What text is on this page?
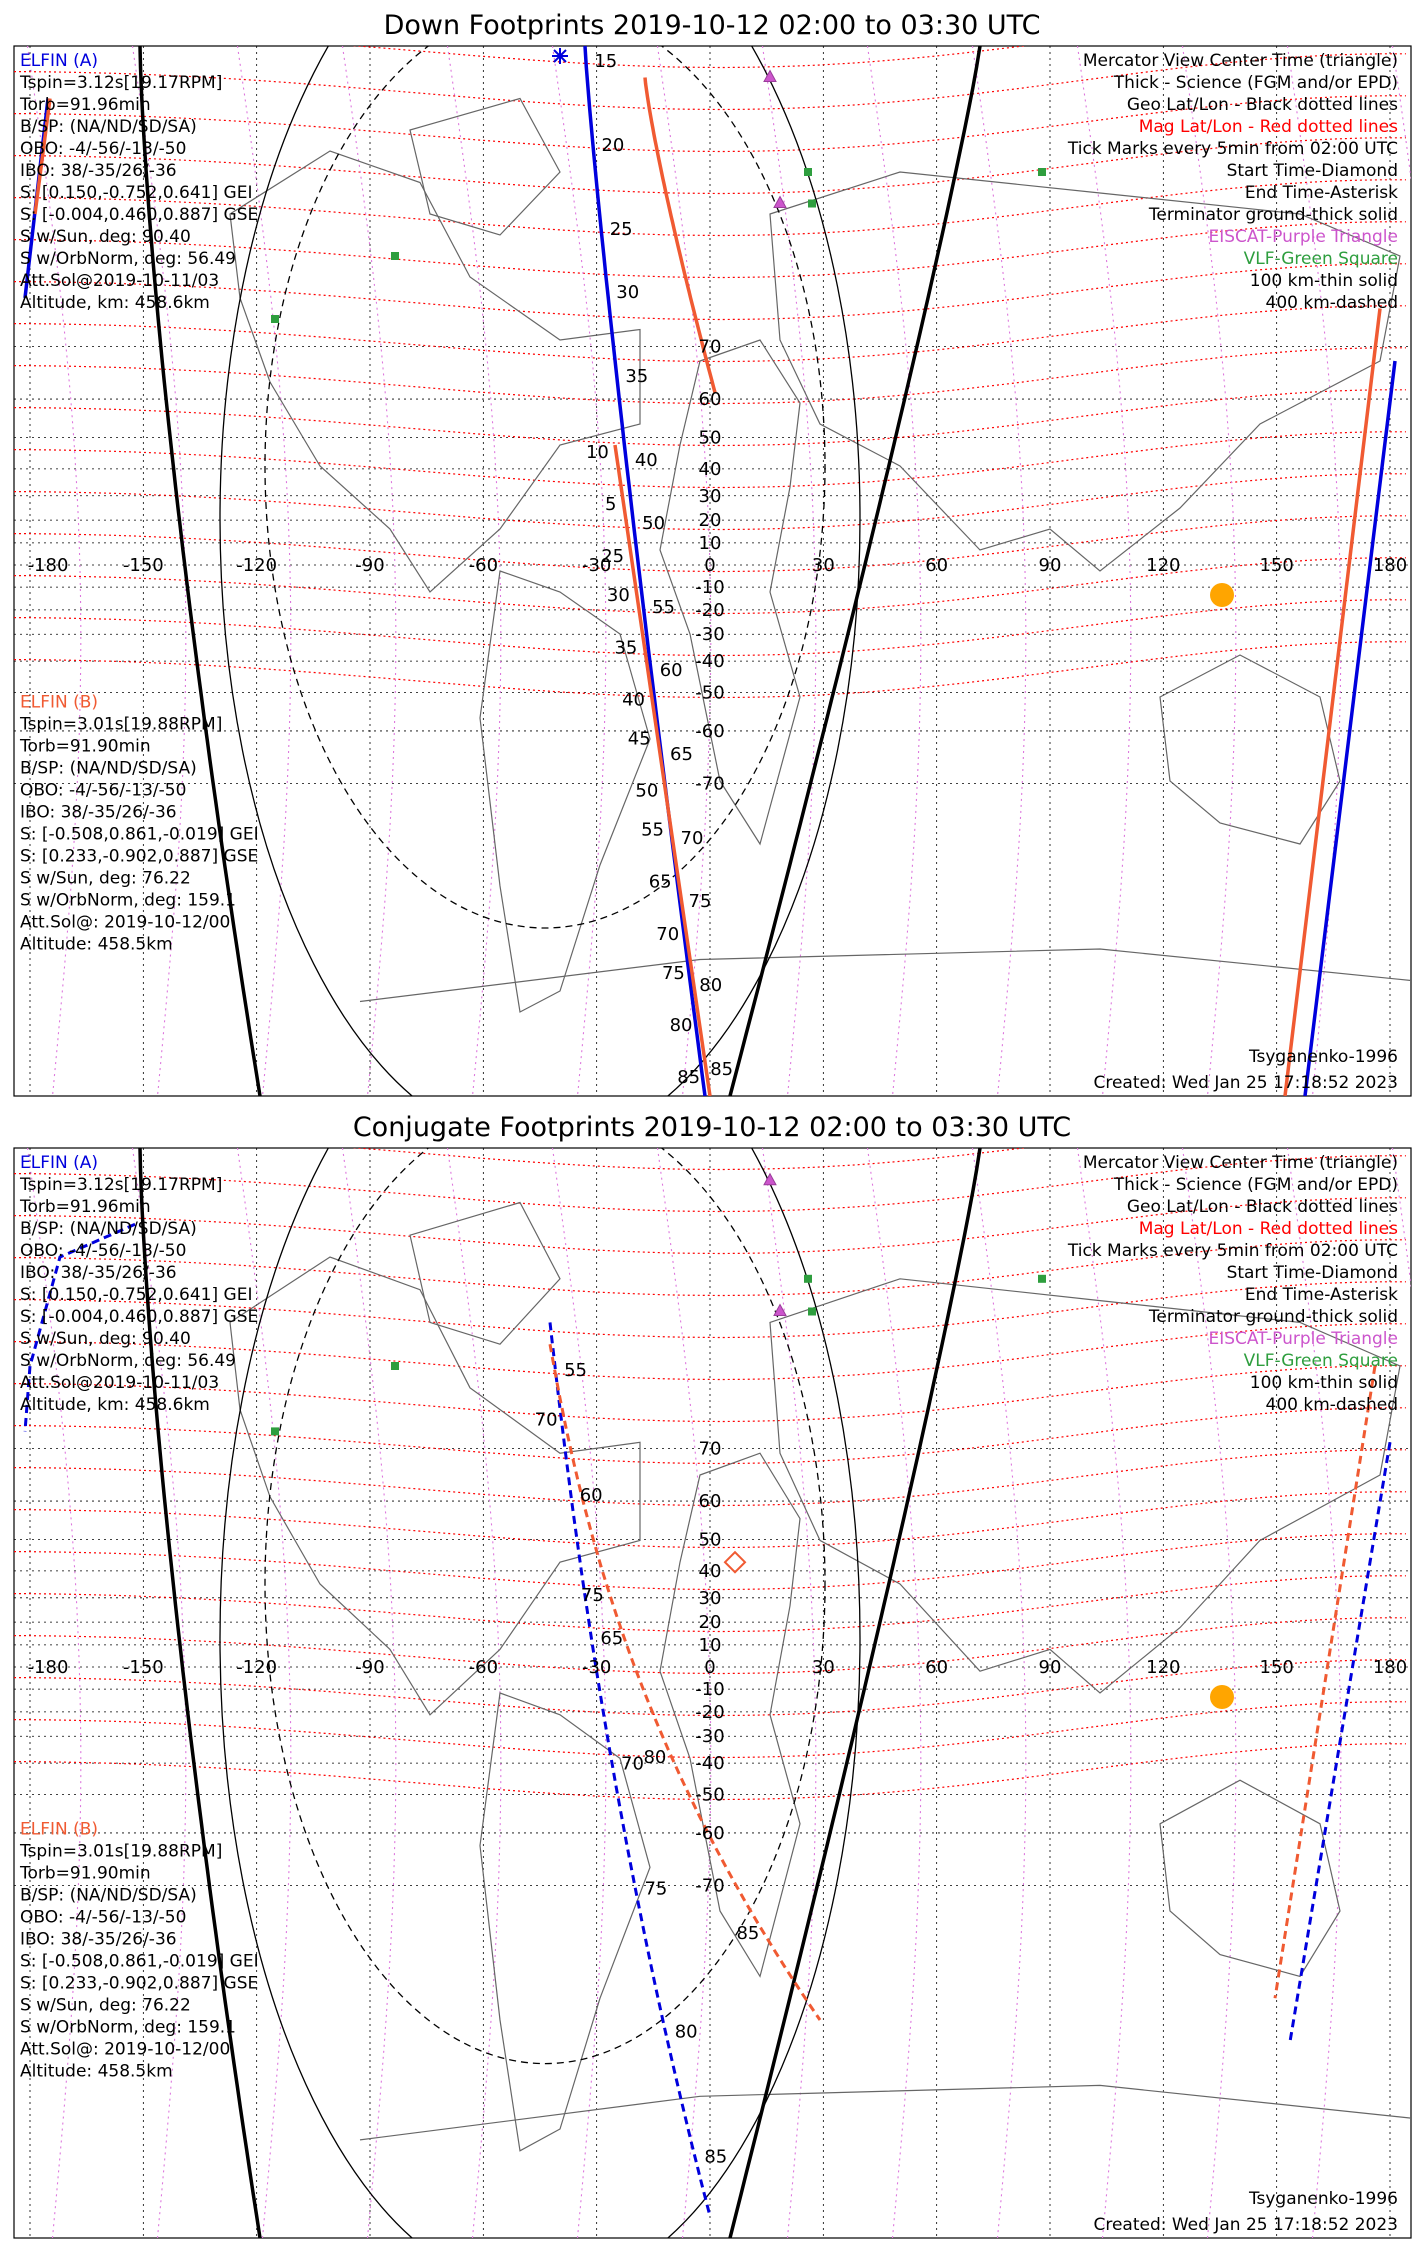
Down Footprints 2019-10-12 02:00 to 03:30 UTC
-180	-150	-120	-90	-60	-30	0	30	60	90	120	150	180
70
60
50
40
30
20
10
-10
-20
-30
-40
-50
-60
-70
15
20
25
30
35
40
50
55
60
65
70
75
80
85
10
5
25
30
35
40
45
50
55
65
70
75
80
85
ELFIN (A)
Tspin=3.12s[19.17RPM]
Torb=91.96min
B/SP: (NA/ND/SD/SA)
OBO: -4/-56/-13/-50
IBO: 38/-35/26/-36
S: [0.150,-0.752,0.641] GEI
S: [-0.004,0.460,0.887] GSE
S w/Sun, deg: 90.40
S w/OrbNorm, deg: 56.49
Att.Sol@2019-10-11/03
Altitude, km: 458.6km
ELFIN (B)
Tspin=3.01s[19.88RPM]
Torb=91.90min
B/SP: (NA/ND/SD/SA)
OBO: -4/-56/-13/-50
IBO: 38/-35/26/-36
S: [-0.508,0.861,-0.019] GEI
S: [0.233,-0.902,0.887] GSE
S w/Sun, deg: 76.22
S w/OrbNorm, deg: 159.1
Att.Sol@: 2019-10-12/00
Altitude: 458.5km
Mercator View Center Time (triangle)
Thick - Science (FGM and/or EPD)
Geo Lat/Lon - Black dotted lines
Mag Lat/Lon - Red dotted lines
Tick Marks every 5min from 02:00 UTC
Start Time-Diamond
End Time-Asterisk
Terminator ground-thick solid
EISCAT-Purple Triangle
VLF-Green Square
100 km-thin solid
400 km-dashed
Tsyganenko-1996
Created: Wed Jan 25 17:18:52 2023
Conjugate Footprints 2019-10-12 02:00 to 03:30 UTC
-180	-150	-120	-90	-60	-30	0	30	60	90	120	150	180
70
60
50
40
30
20
10
-10
-20
-30
-40
-50
-60
-70
55
60
65
70
75
80
85
70
75
80
85
ELFIN (A)
Tspin=3.12s[19.17RPM]
Torb=91.96min
B/SP: (NA/ND/SD/SA)
OBO: -4/-56/-13/-50
IBO: 38/-35/26/-36
S: [0.150,-0.752,0.641] GEI
S: [-0.004,0.460,0.887] GSE
S w/Sun, deg: 90.40
S w/OrbNorm, deg: 56.49
Att.Sol@2019-10-11/03
Altitude, km: 458.6km
ELFIN (B)
Tspin=3.01s[19.88RPM]
Torb=91.90min
B/SP: (NA/ND/SD/SA)
OBO: -4/-56/-13/-50
IBO: 38/-35/26/-36
S: [-0.508,0.861,-0.019] GEI
S: [0.233,-0.902,0.887] GSE
S w/Sun, deg: 76.22
S w/OrbNorm, deg: 159.1
Att.Sol@: 2019-10-12/00
Altitude: 458.5km
Mercator View Center Time (triangle)
Thick - Science (FGM and/or EPD)
Geo Lat/Lon - Black dotted lines
Mag Lat/Lon - Red dotted lines
Tick Marks every 5min from 02:00 UTC
Start Time-Diamond
End Time-Asterisk
Terminator ground-thick solid
EISCAT-Purple Triangle
VLF-Green Square
100 km-thin solid
400 km-dashed
Tsyganenko-1996
Created: Wed Jan 25 17:18:52 2023
